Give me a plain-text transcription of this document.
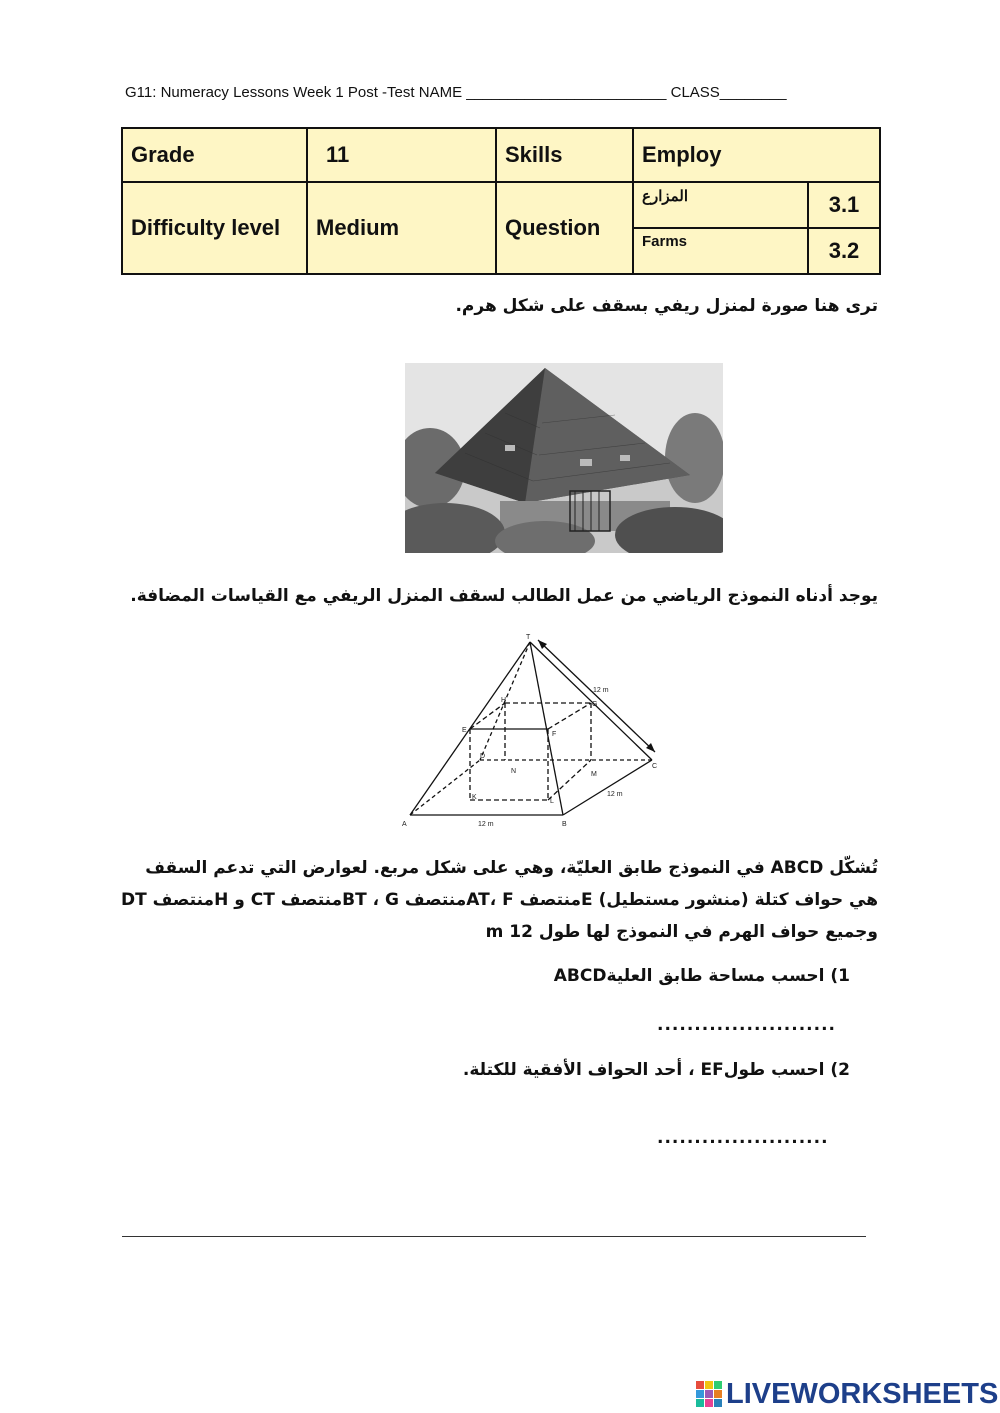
G11: Numeracy Lessons Week 1 Post -Test NAME ________________________ CLASS________
Grade	11	Skills	Employ	
Difficulty level	Medium	Question	المزارع	3.1
			Farms	3.2
ترى هنا صورة لمنزل ريفي بسقف على شكل هرم.
يوجد أدناه النموذج الرياضي من عمل الطالب لسقف المنزل الريفي مع القياسات المضافة.
T
A	B
C
D
E
F
G
H
K
L
M
N
12 m
12 m
12 m
تُشكّل ABCD في النموذج طابق العليّة، وهي على شكل مربع. لعوارض التي تدعم السقف هي حواف كتلة (منشور مستطيل) Eمنتصف AT، Fمنتصف BT ، Gمنتصف CT و Hمنتصف DT وجميع حواف الهرم في النموذج لها طول m 12
1) احسب مساحة طابق العليةABCD
........................
2) احسب طولEF ، أحد الحواف الأفقية للكتلة.
.......................
LIVEWORKSHEETS
